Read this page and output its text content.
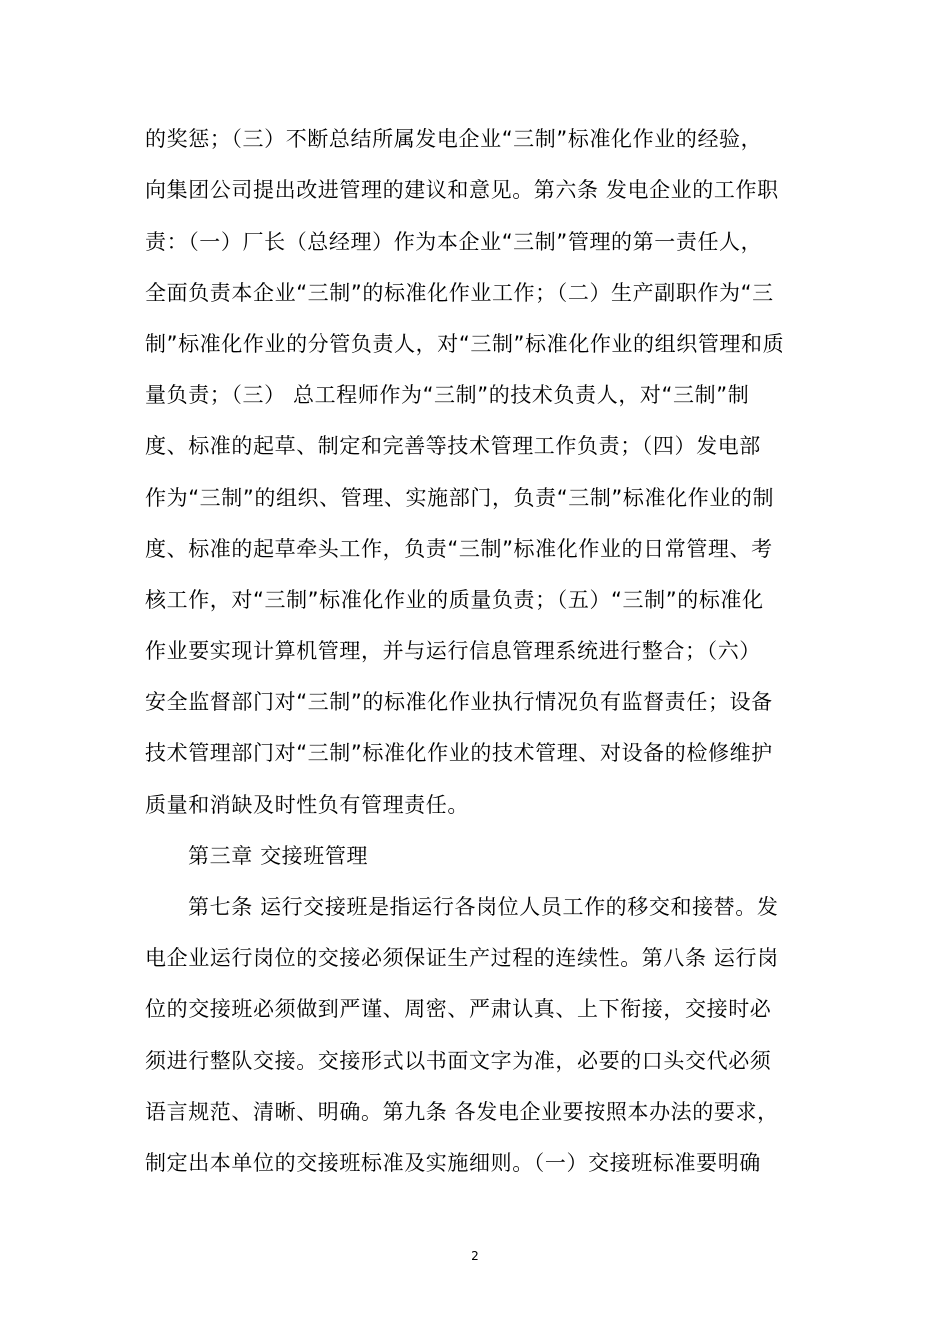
的奖惩；（三）不断总结所属发电企业“三制”标准化作业的经验，
向集团公司提出改进管理的建议和意见。第六条 发电企业的工作职
责：（一）厂长（总经理）作为本企业“三制”管理的第一责任人，
全面负责本企业“三制”的标准化作业工作；（二）生产副职作为“三
制”标准化作业的分管负责人，对“三制”标准化作业的组织管理和质
量负责；（三） 总工程师作为“三制”的技术负责人，对“三制”制
度、标准的起草、制定和完善等技术管理工作负责；（四）发电部
作为“三制”的组织、管理、实施部门，负责“三制”标准化作业的制
度、标准的起草牵头工作，负责“三制”标准化作业的日常管理、考
核工作，对“三制”标准化作业的质量负责；（五）“三制”的标准化
作业要实现计算机管理，并与运行信息管理系统进行整合；（六）
安全监督部门对“三制”的标准化作业执行情况负有监督责任；设备
技术管理部门对“三制”标准化作业的技术管理、对设备的检修维护
质量和消缺及时性负有管理责任。
第三章 交接班管理
第七条 运行交接班是指运行各岗位人员工作的移交和接替。发
电企业运行岗位的交接必须保证生产过程的连续性。第八条 运行岗
位的交接班必须做到严谨、周密、严肃认真、上下衔接，交接时必
须进行整队交接。交接形式以书面文字为准，必要的口头交代必须
语言规范、清晰、明确。第九条 各发电企业要按照本办法的要求，
制定出本单位的交接班标准及实施细则。（一）交接班标准要明确
2
